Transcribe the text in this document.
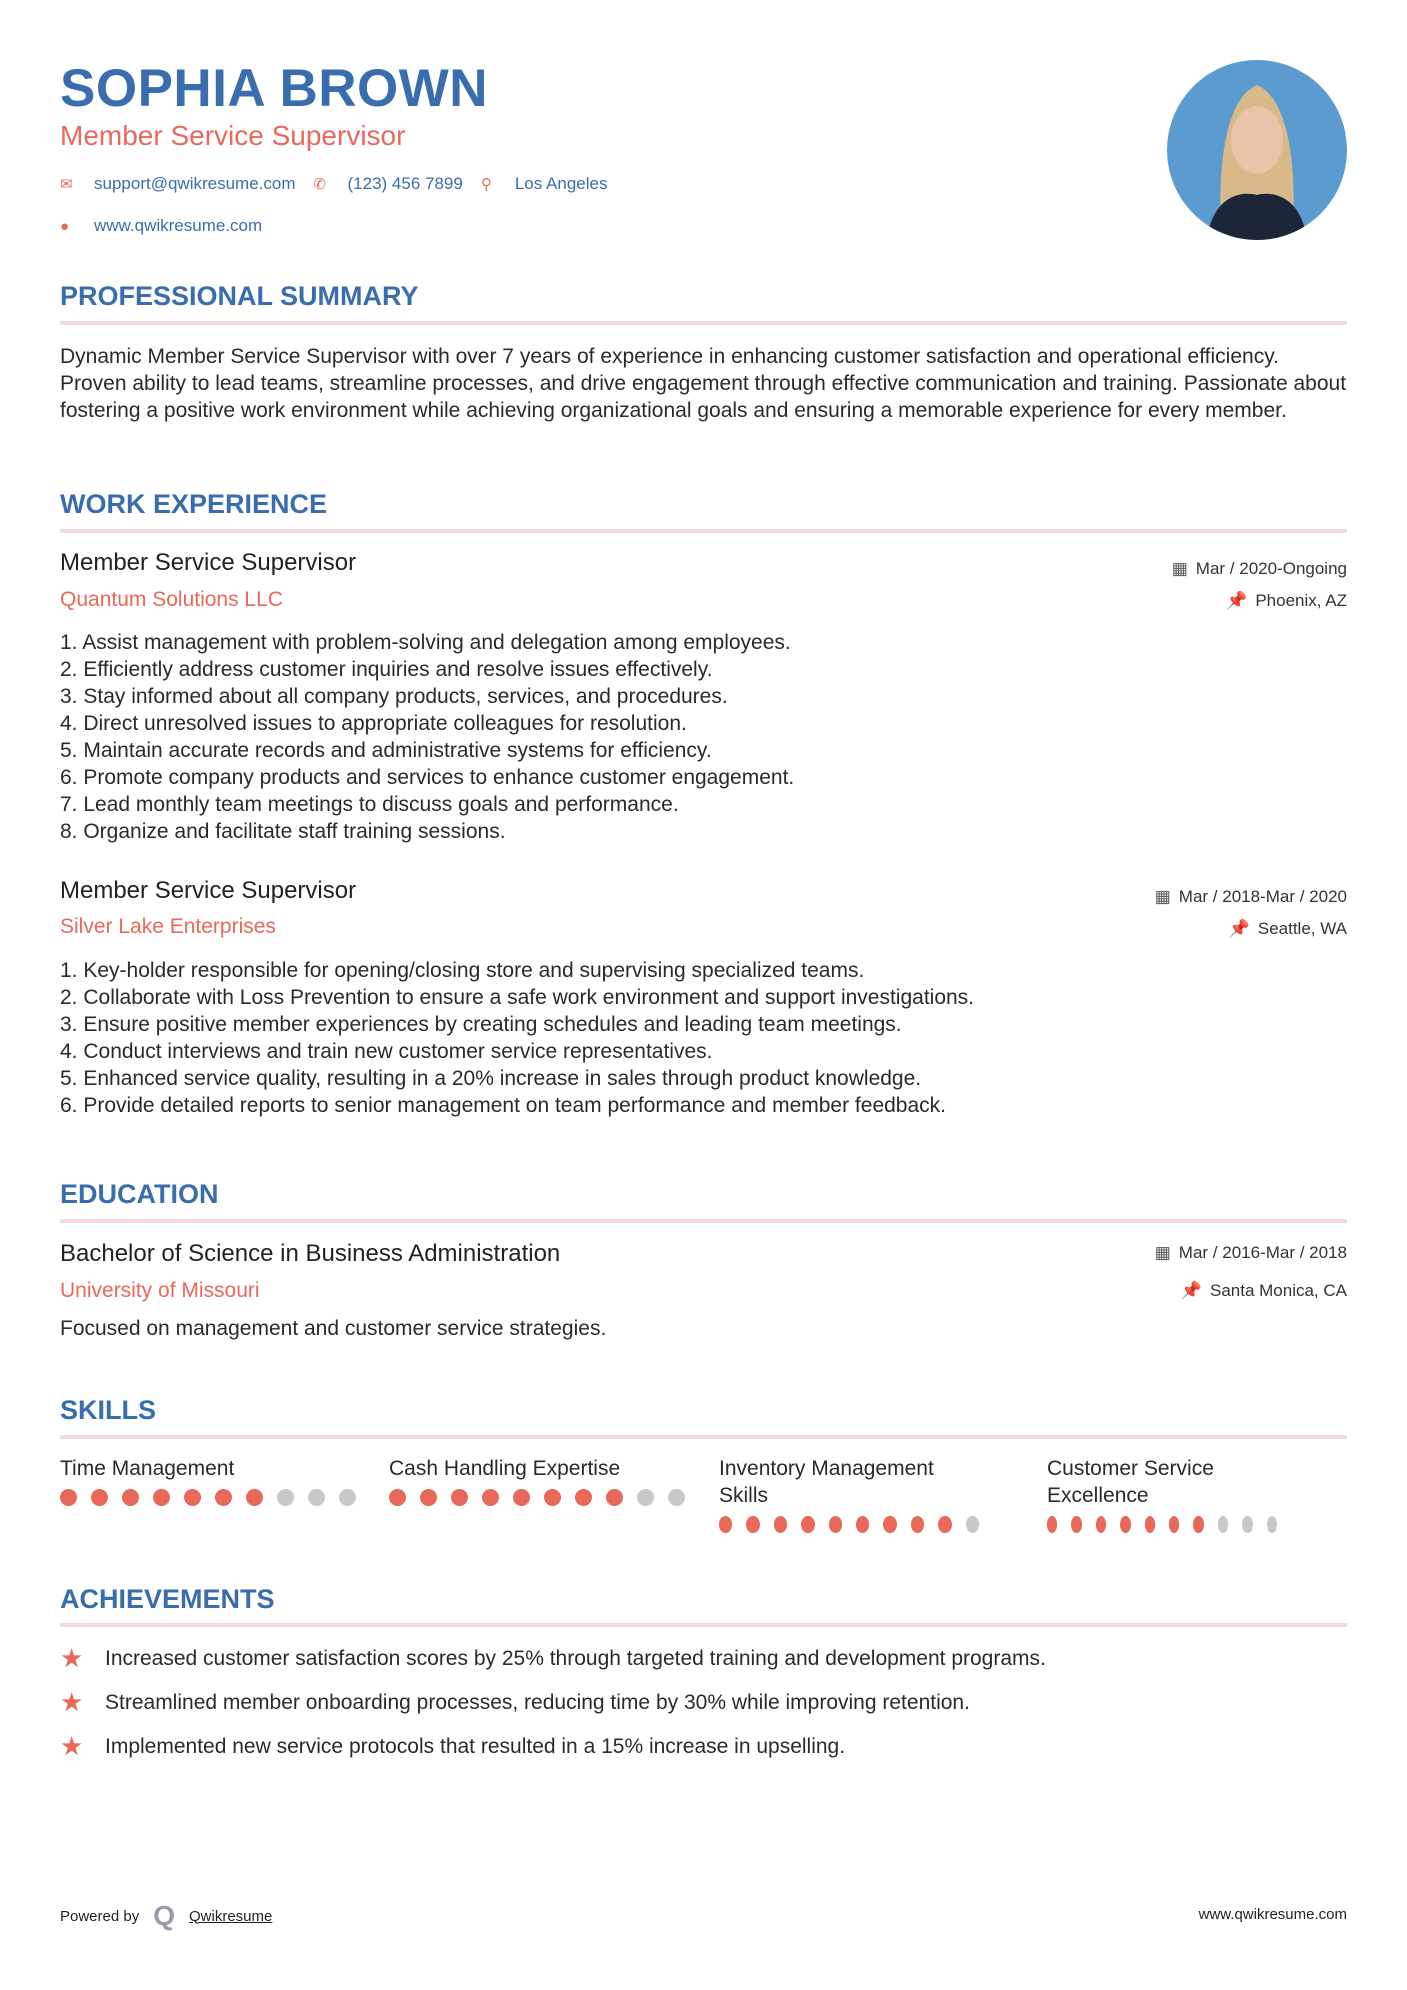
SOPHIA BROWN
Member Service Supervisor
✉	support@qwikresume.com ✆	(123) 456 7899 ⚲	Los Angeles
●	www.qwikresume.com
PROFESSIONAL SUMMARY
Dynamic Member Service Supervisor with over 7 years of experience in enhancing customer satisfaction and operational efficiency. Proven ability to lead teams, streamline processes, and drive engagement through effective communication and training. Passionate about fostering a positive work environment while achieving organizational goals and ensuring a memorable experience for every member.
WORK EXPERIENCE
Member Service Supervisor
Quantum Solutions LLC
▦ Mar / 2020-Ongoing
📌 Phoenix, AZ
1. Assist management with problem-solving and delegation among employees.
2. Efficiently address customer inquiries and resolve issues effectively.
3. Stay informed about all company products, services, and procedures.
4. Direct unresolved issues to appropriate colleagues for resolution.
5. Maintain accurate records and administrative systems for efficiency.
6. Promote company products and services to enhance customer engagement.
7. Lead monthly team meetings to discuss goals and performance.
8. Organize and facilitate staff training sessions.
Member Service Supervisor
Silver Lake Enterprises
▦ Mar / 2018-Mar / 2020
📌 Seattle, WA
1. Key-holder responsible for opening/closing store and supervising specialized teams.
2. Collaborate with Loss Prevention to ensure a safe work environment and support investigations.
3. Ensure positive member experiences by creating schedules and leading team meetings.
4. Conduct interviews and train new customer service representatives.
5. Enhanced service quality, resulting in a 20% increase in sales through product knowledge.
6. Provide detailed reports to senior management on team performance and member feedback.
EDUCATION
Bachelor of Science in Business Administration
University of Missouri
▦ Mar / 2016-Mar / 2018
📌 Santa Monica, CA
Focused on management and customer service strategies.
SKILLS
Time Management	Cash Handling Expertise	Inventory Management Skills
Customer Service Excellence
ACHIEVEMENTS
★	Increased customer satisfaction scores by 25% through targeted training and development programs.
★	Streamlined member onboarding processes, reducing time by 30% while improving retention.
★	Implemented new service protocols that resulted in a 15% increase in upselling.
Powered by Q Qwikresume	www.qwikresume.com
